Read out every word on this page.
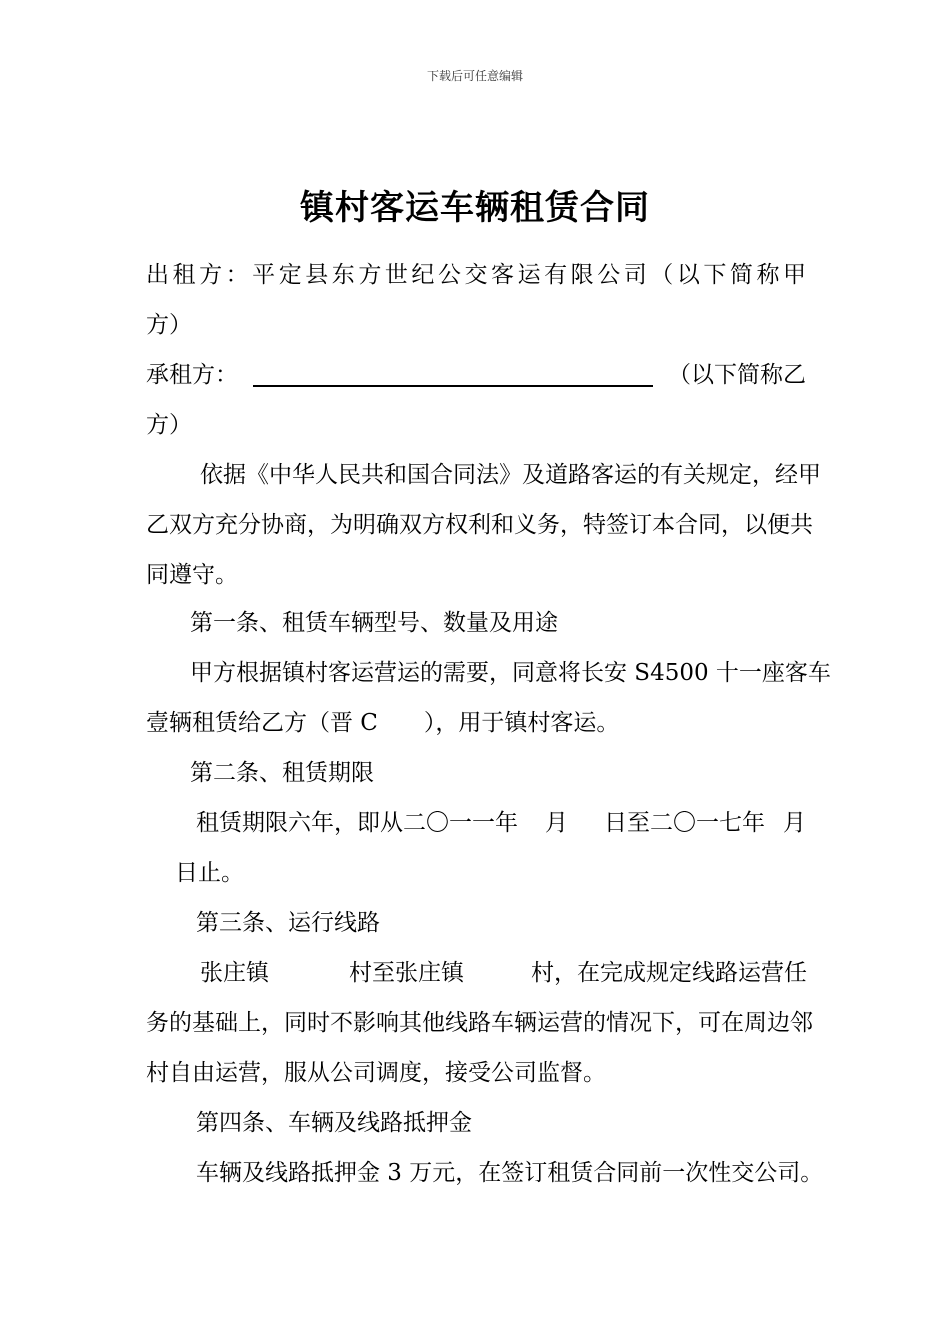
下载后可任意编辑
镇村客运车辆租赁合同
出租方：平定县东方世纪公交客运有限公司（以下简称甲
方）
承租方：	（以下简称乙
方）
依据《中华人民共和国合同法》及道路客运的有关规定，经甲
乙双方充分协商，为明确双方权利和义务，特签订本合同，以便共
同遵守。
第一条、租赁车辆型号、数量及用途
甲方根据镇村客运营运的需要，同意将长安 S4500 十一座客车
壹辆租赁给乙方（晋 C　　），用于镇村客运。
第二条、租赁期限
租赁期限六年，即从二〇一一年 月 日至二〇一七年 月
日止。
第三条、运行线路
张庄镇	村至张庄镇	村，在完成规定线路运营任
务的基础上，同时不影响其他线路车辆运营的情况下，可在周边邻
村自由运营，服从公司调度，接受公司监督。
第四条、车辆及线路抵押金
车辆及线路抵押金 3 万元，在签订租赁合同前一次性交公司。
